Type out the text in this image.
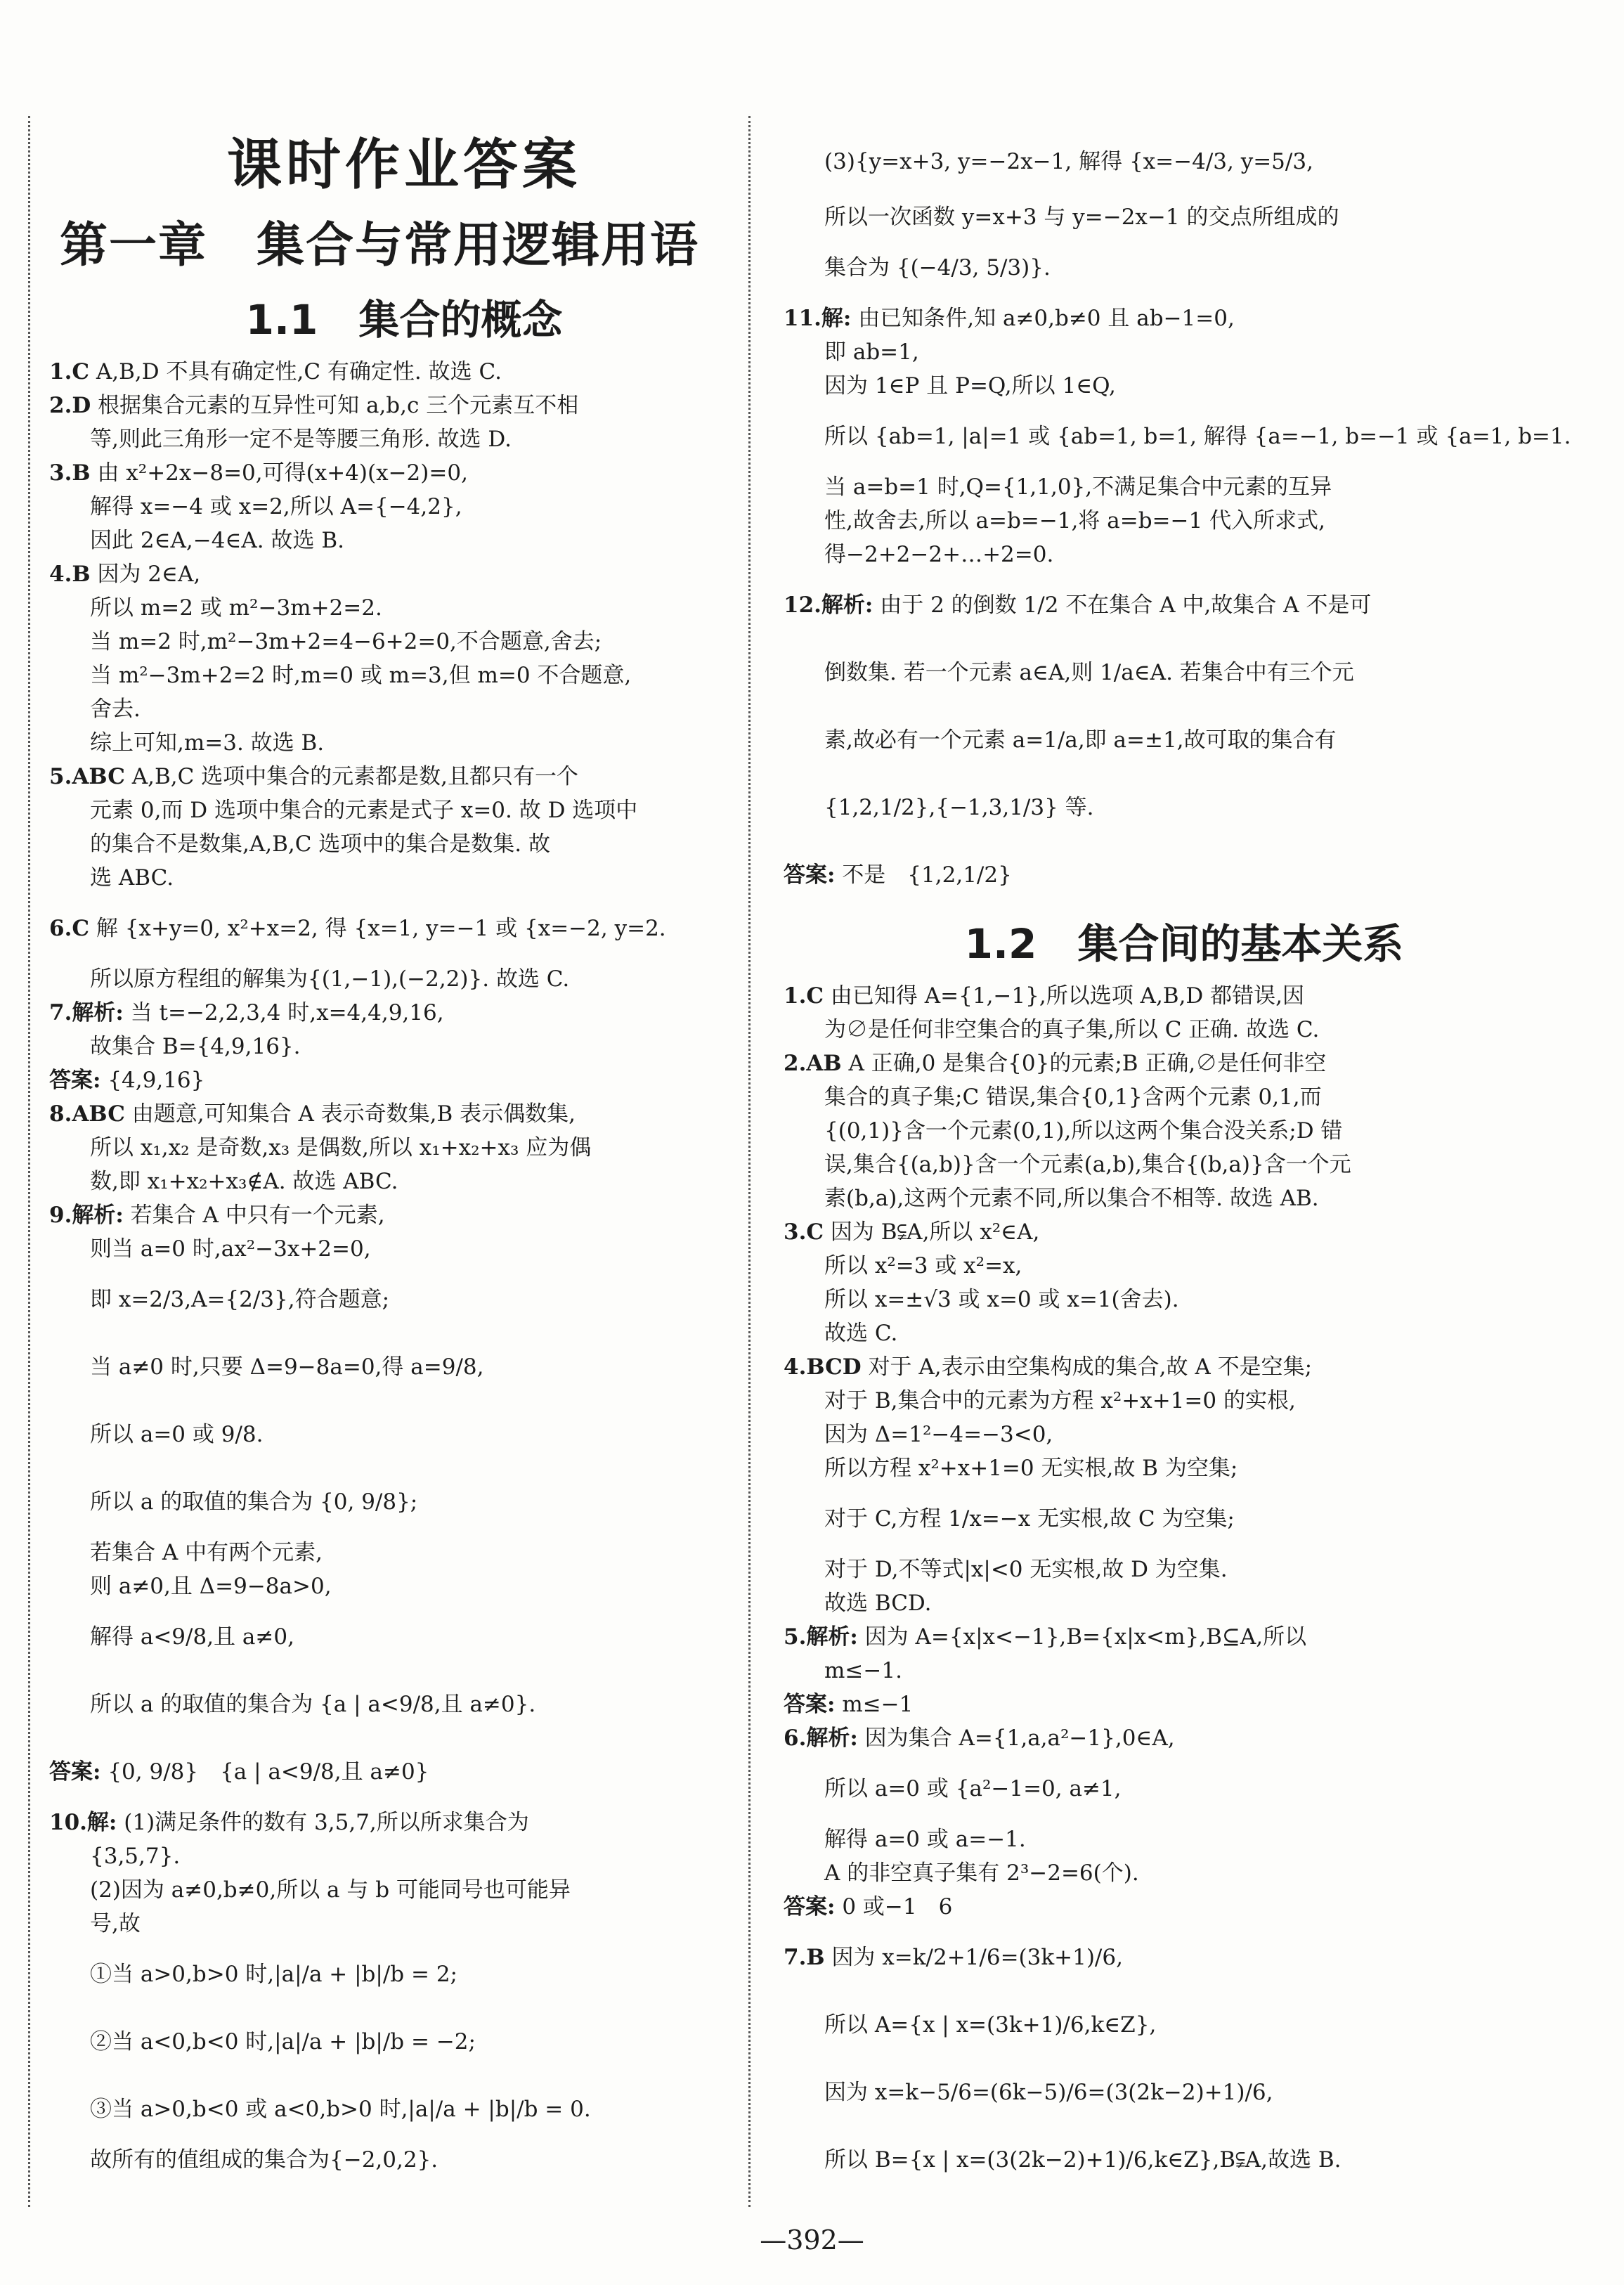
课时作业答案
第一章　集合与常用逻辑用语
1.1　集合的概念
1.C A,B,D 不具有确定性,C 有确定性. 故选 C.
2.D 根据集合元素的互异性可知 a,b,c 三个元素互不相
等,则此三角形一定不是等腰三角形. 故选 D.
3.B 由 x²+2x−8=0,可得(x+4)(x−2)=0,
解得 x=−4 或 x=2,所以 A={−4,2},
因此 2∈A,−4∈A. 故选 B.
4.B 因为 2∈A,
所以 m=2 或 m²−3m+2=2.
当 m=2 时,m²−3m+2=4−6+2=0,不合题意,舍去;
当 m²−3m+2=2 时,m=0 或 m=3,但 m=0 不合题意,
舍去.
综上可知,m=3. 故选 B.
5.ABC A,B,C 选项中集合的元素都是数,且都只有一个
元素 0,而 D 选项中集合的元素是式子 x=0. 故 D 选项中
的集合不是数集,A,B,C 选项中的集合是数集. 故
选 ABC.
6.C 解 {x+y=0, x²+x=2, 得 {x=1, y=−1 或 {x=−2, y=2.
所以原方程组的解集为{(1,−1),(−2,2)}. 故选 C.
7.解析: 当 t=−2,2,3,4 时,x=4,4,9,16,
故集合 B={4,9,16}.
答案: {4,9,16}
8.ABC 由题意,可知集合 A 表示奇数集,B 表示偶数集,
所以 x₁,x₂ 是奇数,x₃ 是偶数,所以 x₁+x₂+x₃ 应为偶
数,即 x₁+x₂+x₃∉A. 故选 ABC.
9.解析: 若集合 A 中只有一个元素,
则当 a=0 时,ax²−3x+2=0,
即 x=2/3,A={2/3},符合题意;
当 a≠0 时,只要 Δ=9−8a=0,得 a=9/8,
所以 a=0 或 9/8.
所以 a 的取值的集合为 {0, 9/8};
若集合 A 中有两个元素,
则 a≠0,且 Δ=9−8a>0,
解得 a<9/8,且 a≠0,
所以 a 的取值的集合为 {a | a<9/8,且 a≠0}.
答案: {0, 9/8}　{a | a<9/8,且 a≠0}
10.解: (1)满足条件的数有 3,5,7,所以所求集合为
{3,5,7}.
(2)因为 a≠0,b≠0,所以 a 与 b 可能同号也可能异
号,故
①当 a>0,b>0 时,|a|/a + |b|/b = 2;
②当 a<0,b<0 时,|a|/a + |b|/b = −2;
③当 a>0,b<0 或 a<0,b>0 时,|a|/a + |b|/b = 0.
故所有的值组成的集合为{−2,0,2}.
(3){y=x+3, y=−2x−1, 解得 {x=−4/3, y=5/3,
所以一次函数 y=x+3 与 y=−2x−1 的交点所组成的
集合为 {(−4/3, 5/3)}.
11.解: 由已知条件,知 a≠0,b≠0 且 ab−1=0,
即 ab=1,
因为 1∈P 且 P=Q,所以 1∈Q,
所以 {ab=1, |a|=1 或 {ab=1, b=1, 解得 {a=−1, b=−1 或 {a=1, b=1.
当 a=b=1 时,Q={1,1,0},不满足集合中元素的互异
性,故舍去,所以 a=b=−1,将 a=b=−1 代入所求式,
得−2+2−2+…+2=0.
12.解析: 由于 2 的倒数 1/2 不在集合 A 中,故集合 A 不是可
倒数集. 若一个元素 a∈A,则 1/a∈A. 若集合中有三个元
素,故必有一个元素 a=1/a,即 a=±1,故可取的集合有
{1,2,1/2},{−1,3,1/3} 等.
答案: 不是　{1,2,1/2}
1.2　集合间的基本关系
1.C 由已知得 A={1,−1},所以选项 A,B,D 都错误,因
为∅是任何非空集合的真子集,所以 C 正确. 故选 C.
2.AB A 正确,0 是集合{0}的元素;B 正确,∅是任何非空
集合的真子集;C 错误,集合{0,1}含两个元素 0,1,而
{(0,1)}含一个元素(0,1),所以这两个集合没关系;D 错
误,集合{(a,b)}含一个元素(a,b),集合{(b,a)}含一个元
素(b,a),这两个元素不同,所以集合不相等. 故选 AB.
3.C 因为 B⫋A,所以 x²∈A,
所以 x²=3 或 x²=x,
所以 x=±√3 或 x=0 或 x=1(舍去).
故选 C.
4.BCD 对于 A,表示由空集构成的集合,故 A 不是空集;
对于 B,集合中的元素为方程 x²+x+1=0 的实根,
因为 Δ=1²−4=−3<0,
所以方程 x²+x+1=0 无实根,故 B 为空集;
对于 C,方程 1/x=−x 无实根,故 C 为空集;
对于 D,不等式|x|<0 无实根,故 D 为空集.
故选 BCD.
5.解析: 因为 A={x|x<−1},B={x|x<m},B⊆A,所以
m≤−1.
答案: m≤−1
6.解析: 因为集合 A={1,a,a²−1},0∈A,
所以 a=0 或 {a²−1=0, a≠1,
解得 a=0 或 a=−1.
A 的非空真子集有 2³−2=6(个).
答案: 0 或−1　6
7.B 因为 x=k/2+1/6=(3k+1)/6,
所以 A={x | x=(3k+1)/6,k∈Z},
因为 x=k−5/6=(6k−5)/6=(3(2k−2)+1)/6,
所以 B={x | x=(3(2k−2)+1)/6,k∈Z},B⫋A,故选 B.
—392—
